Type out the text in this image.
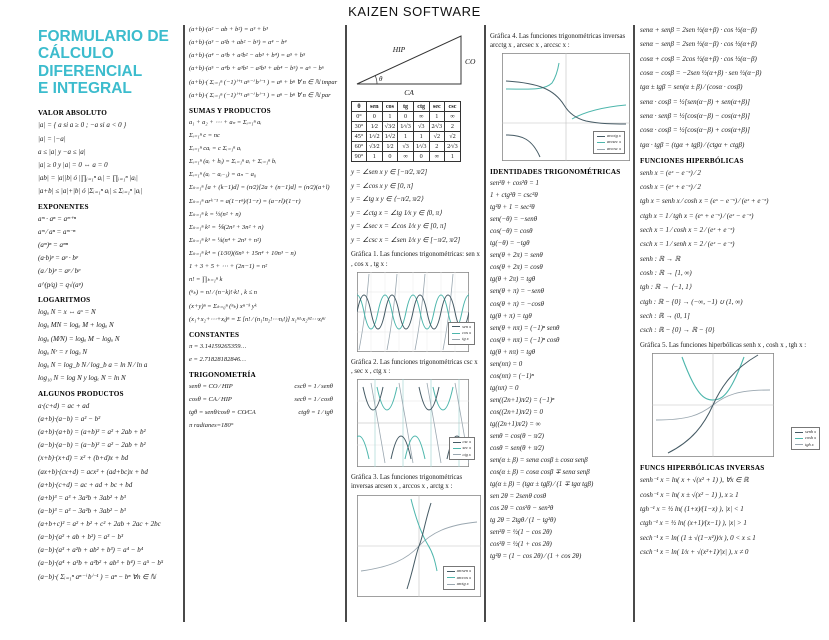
KAIZEN SOFTWARE
FORMULARIO DE
CÁLCULO
DIFERENCIAL
E INTEGRAL
VALOR ABSOLUTO
|a| = { a si a ≥ 0 ; −a si a < 0 }
|a| = |−a|
a ≤ |a| y −a ≤ |a|
|a| ≥ 0 y |a| = 0 ⇔ a = 0
|ab| = |a||b| ó |∏ᵢ₌₁ⁿ aᵢ| = ∏ᵢ₌₁ⁿ |aᵢ|
|a+b| ≤ |a|+|b| ó |Σᵢ₌₁ⁿ aᵢ| ≤ Σᵢ₌₁ⁿ |aᵢ|
EXPONENTES
aᵐ · aⁿ = aᵐ⁺ⁿ
aᵐ ⁄ aⁿ = aᵐ⁻ⁿ
(aᵐ)ⁿ = aᵐⁿ
(a·b)ᵖ = aᵖ · bᵖ
(a ⁄ b)ᵖ = aᵖ ⁄ bᵖ
a^(p⁄q) = q√(aᵖ)
LOGARITMOS
logₐ N = x ⇔ aˣ = N
logₐ MN = logₐ M + logₐ N
logₐ (M⁄N) = logₐ M − logₐ N
logₐ Nʳ = r logₐ N
logₐ N = log_b N ⁄ log_b a = ln N ⁄ ln a
log₁₀ N = log N y logₑ N = ln N
ALGUNOS PRODUCTOS
a·(c+d) = ac + ad
(a+b)·(a−b) = a² − b²
(a+b)·(a+b) = (a+b)² = a² + 2ab + b²
(a−b)·(a−b) = (a−b)² = a² − 2ab + b²
(x+b)·(x+d) = x² + (b+d)x + bd
(ax+b)·(cx+d) = acx² + (ad+bc)x + bd
(a+b)·(c+d) = ac + ad + bc + bd
(a+b)³ = a³ + 3a²b + 3ab² + b³
(a−b)³ = a³ − 3a²b + 3ab² − b³
(a+b+c)² = a² + b² + c² + 2ab + 2ac + 2bc
(a−b)·(a² + ab + b²) = a³ − b³
(a−b)·(a³ + a²b + ab² + b³) = a⁴ − b⁴
(a−b)·(a⁴ + a³b + a²b² + ab³ + b⁴) = a⁵ − b⁵
(a−b)·( Σᵢ₌₁ⁿ aⁿ⁻ⁱ bⁱ⁻¹ ) = aⁿ − bⁿ ∀n ∈ ℕ
(a+b)·(a² − ab + b²) = a³ + b³
(a+b)·(a³ − a²b + ab² − b³) = a⁴ − b⁴
(a+b)·(a⁴ − a³b + a²b² − ab³ + b⁴) = a⁵ + b⁵
(a+b)·(a⁵ − a⁴b + a³b² − a²b³ + ab⁴ − b⁵) = a⁶ − b⁶
(a+b)·( Σᵢ₌₁ⁿ (−1)ⁱ⁺¹ aⁿ⁻ⁱ bⁱ⁻¹ ) = aⁿ + bⁿ ∀ n ∈ ℕ impar
(a+b)·( Σᵢ₌₁ⁿ (−1)ⁱ⁺¹ aⁿ⁻ⁱ bⁱ⁻¹ ) = aⁿ − bⁿ ∀ n ∈ ℕ par
SUMAS Y PRODUCTOS
a₁ + a₂ + ⋯ + aₙ = Σᵢ₌₁ⁿ aᵢ
Σᵢ₌₁ⁿ c = nc
Σᵢ₌₁ⁿ caᵢ = c Σᵢ₌₁ⁿ aᵢ
Σᵢ₌₁ⁿ (aᵢ + bᵢ) = Σᵢ₌₁ⁿ aᵢ + Σᵢ₌₁ⁿ bᵢ
Σᵢ₌₁ⁿ (aᵢ − aᵢ₋₁) = aₙ − a₀
Σₖ₌₁ⁿ [a + (k−1)d] = (n⁄2)[2a + (n−1)d] = (n⁄2)(a+l)
Σₖ₌₁ⁿ arᵏ⁻¹ = a(1−rⁿ)⁄(1−r) = (a−rl)⁄(1−r)
Σₖ₌₁ⁿ k = ½(n² + n)
Σₖ₌₁ⁿ k² = ⅙(2n³ + 3n² + n)
Σₖ₌₁ⁿ k³ = ¼(n⁴ + 2n³ + n²)
Σₖ₌₁ⁿ k⁴ = (1⁄30)(6n⁵ + 15n⁴ + 10n³ − n)
1 + 3 + 5 + ⋯ + (2n−1) = n²
n! = ∏ₖ₌₁ⁿ k
(ⁿₖ) = n! ⁄ (n−k)!·k! , k ≤ n
(x+y)ⁿ = Σₖ₌₀ⁿ (ⁿₖ) xⁿ⁻ᵏ yᵏ
(x₁+x₂+⋯+xⱼ)ⁿ = Σ [n! ⁄ (n₁!n₂!⋯nⱼ!)] x₁ⁿ¹·x₂ⁿ²⋯xⱼⁿʲ
CONSTANTES
π = 3.14159265359…
e = 2.71828182846…
TRIGONOMETRÍA
senθ = CO ⁄ HIP	cscθ = 1 ⁄ senθ
cosθ = CA ⁄ HIP	secθ = 1 ⁄ cosθ
tgθ = senθ⁄cosθ = CO⁄CA	ctgθ = 1 ⁄ tgθ
π radianes=180°
HIP
CO
CA
θ
θ	sen	cos	tg	ctg	sec	csc
0°	0	1	0	∞	1	∞
30°	1⁄2	√3⁄2	1⁄√3	√3	2⁄√3	2
45°	1⁄√2	1⁄√2	1	1	√2	√2
60°	√3⁄2	1⁄2	√3	1⁄√3	2	2⁄√3
90°	1	0	∞	0	∞	1
y = ∠sen x y ∈ [−π⁄2, π⁄2]
y = ∠cos x y ∈ [0, π]
y = ∠tg x y ∈ ⟨−π⁄2, π⁄2⟩
y = ∠ctg x = ∠tg 1⁄x y ∈ ⟨0, π⟩
y = ∠sec x = ∠cos 1⁄x y ∈ [0, π]
y = ∠csc x = ∠sen 1⁄x y ∈ [−π⁄2, π⁄2]
Gráfica 1. Las funciones trigonométricas: sen x , cos x , tg x :
sen x
cos x
tg x
Gráfica 2. Las funciones trigonométricas csc x , sec x , ctg x :
csc x
sec x
ctg x
Gráfica 3. Las funciones trigonométricas inversas arcsen x , arccos x , arctg x :
arcsen x
arccos x
arctg x
Gráfica 4. Las funciones trigonométricas inversas arcctg x , arcsec x , arccsc x :
arcctg x
arcsec x
arccsc x
IDENTIDADES TRIGONOMÉTRICAS
sen²θ + cos²θ = 1
1 + ctg²θ = csc²θ
tg²θ + 1 = sec²θ
sen(−θ) = −senθ
cos(−θ) = cosθ
tg(−θ) = −tgθ
sen(θ + 2π) = senθ
cos(θ + 2π) = cosθ
tg(θ + 2π) = tgθ
sen(θ + π) = −senθ
cos(θ + π) = −cosθ
tg(θ + π) = tgθ
sen(θ + nπ) = (−1)ⁿ senθ
cos(θ + nπ) = (−1)ⁿ cosθ
tg(θ + nπ) = tgθ
sen(nπ) = 0
cos(nπ) = (−1)ⁿ
tg(nπ) = 0
sen((2n+1)π⁄2) = (−1)ⁿ
cos((2n+1)π⁄2) = 0
tg((2n+1)π⁄2) = ∞
senθ = cos(θ − π⁄2)
cosθ = sen(θ + π⁄2)
sen(α ± β) = senα cosβ ± cosα senβ
cos(α ± β) = cosα cosβ ∓ senα senβ
tg(α ± β) = (tgα ± tgβ) ⁄ (1 ∓ tgα tgβ)
sen 2θ = 2senθ cosθ
cos 2θ = cos²θ − sen²θ
tg 2θ = 2tgθ ⁄ (1 − tg²θ)
sen²θ = ½(1 − cos 2θ)
cos²θ = ½(1 + cos 2θ)
tg²θ = (1 − cos 2θ) ⁄ (1 + cos 2θ)
senα + senβ = 2sen ½(α+β) · cos ½(α−β)
senα − senβ = 2sen ½(α−β) · cos ½(α+β)
cosα + cosβ = 2cos ½(α+β) · cos ½(α−β)
cosα − cosβ = −2sen ½(α+β) · sen ½(α−β)
tgα ± tgβ = sen(α ± β) ⁄ (cosα · cosβ)
senα · cosβ = ½[sen(α−β) + sen(α+β)]
senα · senβ = ½[cos(α−β) − cos(α+β)]
cosα · cosβ = ½[cos(α−β) + cos(α+β)]
tgα · tgβ = (tgα + tgβ) ⁄ (ctgα + ctgβ)
FUNCIONES HIPERBÓLICAS
senh x = (eˣ − e⁻ˣ) ⁄ 2
cosh x = (eˣ + e⁻ˣ) ⁄ 2
tgh x = senh x ⁄ cosh x = (eˣ − e⁻ˣ) ⁄ (eˣ + e⁻ˣ)
ctgh x = 1 ⁄ tgh x = (eˣ + e⁻ˣ) ⁄ (eˣ − e⁻ˣ)
sech x = 1 ⁄ cosh x = 2 ⁄ (eˣ + e⁻ˣ)
csch x = 1 ⁄ senh x = 2 ⁄ (eˣ − e⁻ˣ)
senh : ℝ → ℝ
cosh : ℝ → [1, ∞)
tgh : ℝ → ⟨−1, 1⟩
ctgh : ℝ − {0} → (−∞, −1) ∪ (1, ∞)
sech : ℝ → (0, 1]
csch : ℝ − {0} → ℝ − {0}
Gráfica 5. Las funciones hiperbólicas senh x , cosh x , tgh x :
senh x
cosh x
tgh x
FUNCS HIPERBÓLICAS INVERSAS
senh⁻¹ x = ln( x + √(x² + 1) ), ∀x ∈ ℝ
cosh⁻¹ x = ln( x ± √(x² − 1) ), x ≥ 1
tgh⁻¹ x = ½ ln( (1+x)⁄(1−x) ), |x| < 1
ctgh⁻¹ x = ½ ln( (x+1)⁄(x−1) ), |x| > 1
sech⁻¹ x = ln( (1 ± √(1−x²))⁄x ), 0 < x ≤ 1
csch⁻¹ x = ln( 1⁄x + √(x²+1)⁄|x| ), x ≠ 0
